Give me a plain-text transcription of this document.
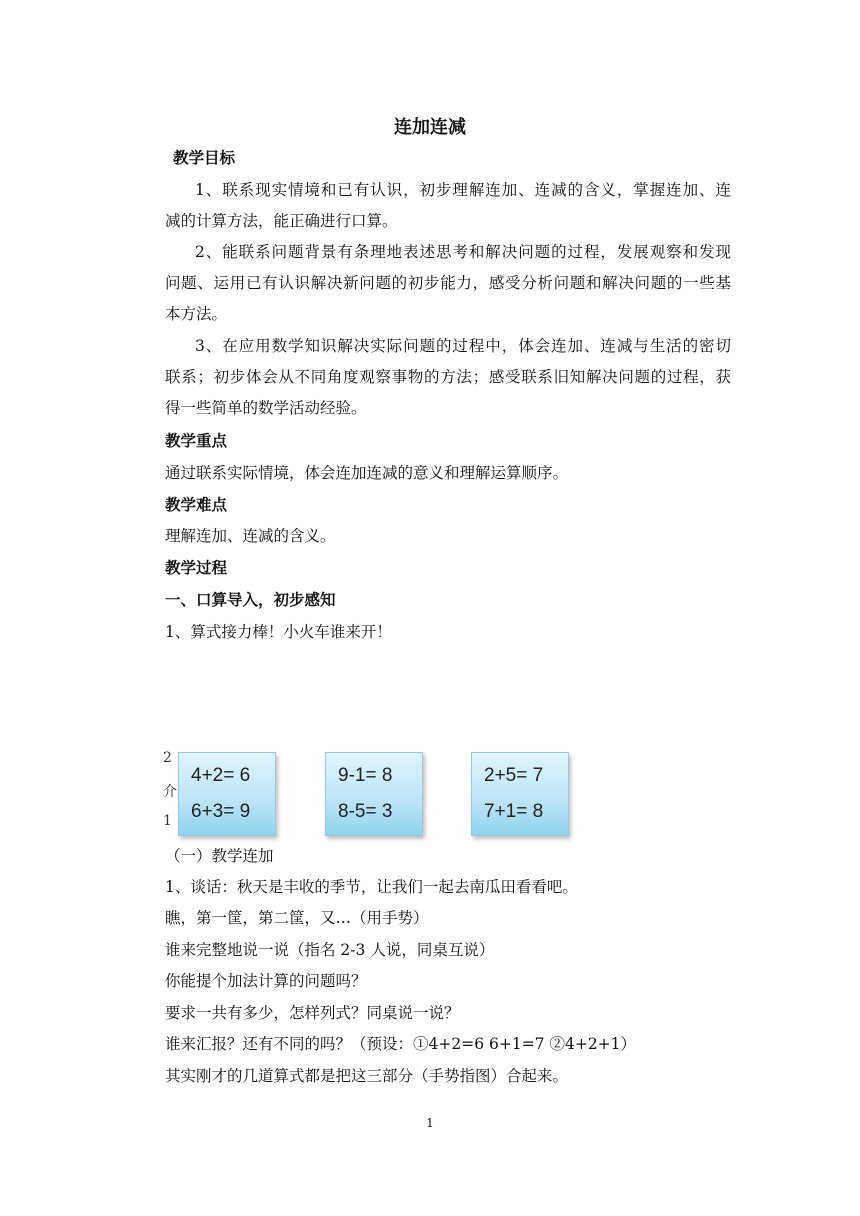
连加连减
教学目标
1、联系现实情境和已有认识，初步理解连加、连减的含义，掌握连加、连
减的计算方法，能正确进行口算。
2、能联系问题背景有条理地表述思考和解决问题的过程，发展观察和发现
问题、运用已有认识解决新问题的初步能力，感受分析问题和解决问题的一些基
本方法。
3、在应用数学知识解决实际问题的过程中，体会连加、连减与生活的密切
联系；初步体会从不同角度观察事物的方法；感受联系旧知解决问题的过程，获
得一些简单的数学活动经验。
教学重点
通过联系实际情境，体会连加连减的意义和理解运算顺序。
教学难点
理解连加、连减的含义。
教学过程
一、口算导入，初步感知
1、算式接力棒！小火车谁来开！
2
介
1
4+2= 6
6+3= 9
9-1= 8
8-5= 3
2+5= 7
7+1= 8
（一）教学连加
1、谈话：秋天是丰收的季节，让我们一起去南瓜田看看吧。
瞧，第一筐，第二筐，又…（用手势）
谁来完整地说一说（指名 2-3 人说，同桌互说）
你能提个加法计算的问题吗？
要求一共有多少，怎样列式？同桌说一说？
谁来汇报？还有不同的吗？（预设：①4+2=6 6+1=7 ②4+2+1）
其实刚才的几道算式都是把这三部分（手势指图）合起来。
1
